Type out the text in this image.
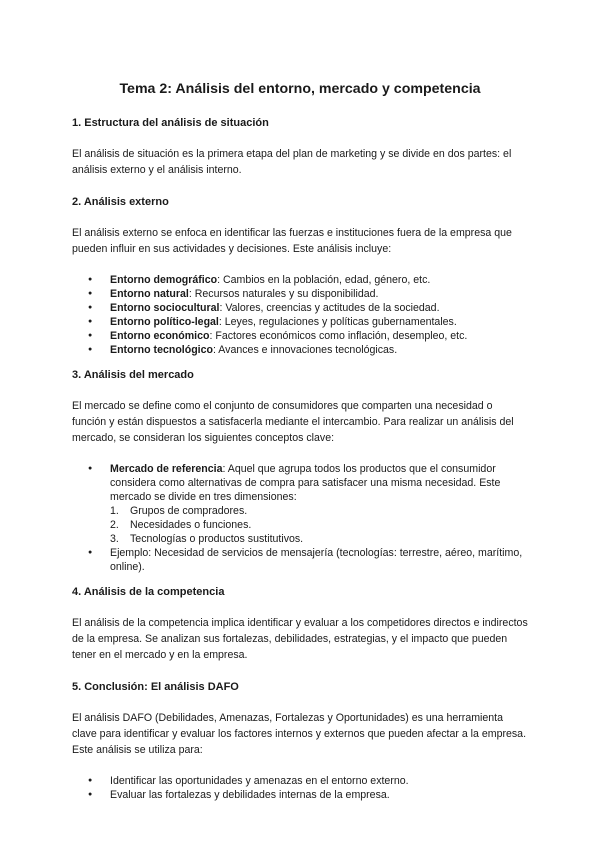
Tema 2: Análisis del entorno, mercado y competencia
1. Estructura del análisis de situación

El análisis de situación es la primera etapa del plan de marketing y se divide en dos partes: el análisis externo y el análisis interno.

2. Análisis externo

El análisis externo se enfoca en identificar las fuerzas e instituciones fuera de la empresa que pueden influir en sus actividades y decisiones. Este análisis incluye:

● Entorno demográfico: Cambios en la población, edad, género, etc.
● Entorno natural: Recursos naturales y su disponibilidad.
● Entorno sociocultural: Valores, creencias y actitudes de la sociedad.
● Entorno político-legal: Leyes, regulaciones y políticas gubernamentales.
● Entorno económico: Factores económicos como inflación, desempleo, etc.
● Entorno tecnológico: Avances e innovaciones tecnológicas.
3. Análisis del mercado

El mercado se define como el conjunto de consumidores que comparten una necesidad o función y están dispuestos a satisfacerla mediante el intercambio. Para realizar un análisis del mercado, se consideran los siguientes conceptos clave:

● Mercado de referencia: Aquel que agrupa todos los productos que el consumidor considera como alternativas de compra para satisfacer una misma necesidad. Este mercado se divide en tres dimensiones:
1. Grupos de compradores.
2. Necesidades o funciones.
3. Tecnologías o productos sustitutivos.
● Ejemplo: Necesidad de servicios de mensajería (tecnologías: terrestre, aéreo, marítimo, online).
4. Análisis de la competencia

El análisis de la competencia implica identificar y evaluar a los competidores directos e indirectos de la empresa. Se analizan sus fortalezas, debilidades, estrategias, y el impacto que pueden tener en el mercado y en la empresa.

5. Conclusión: El análisis DAFO

El análisis DAFO (Debilidades, Amenazas, Fortalezas y Oportunidades) es una herramienta clave para identificar y evaluar los factores internos y externos que pueden afectar a la empresa. Este análisis se utiliza para:

● Identificar las oportunidades y amenazas en el entorno externo.
● Evaluar las fortalezas y debilidades internas de la empresa.
